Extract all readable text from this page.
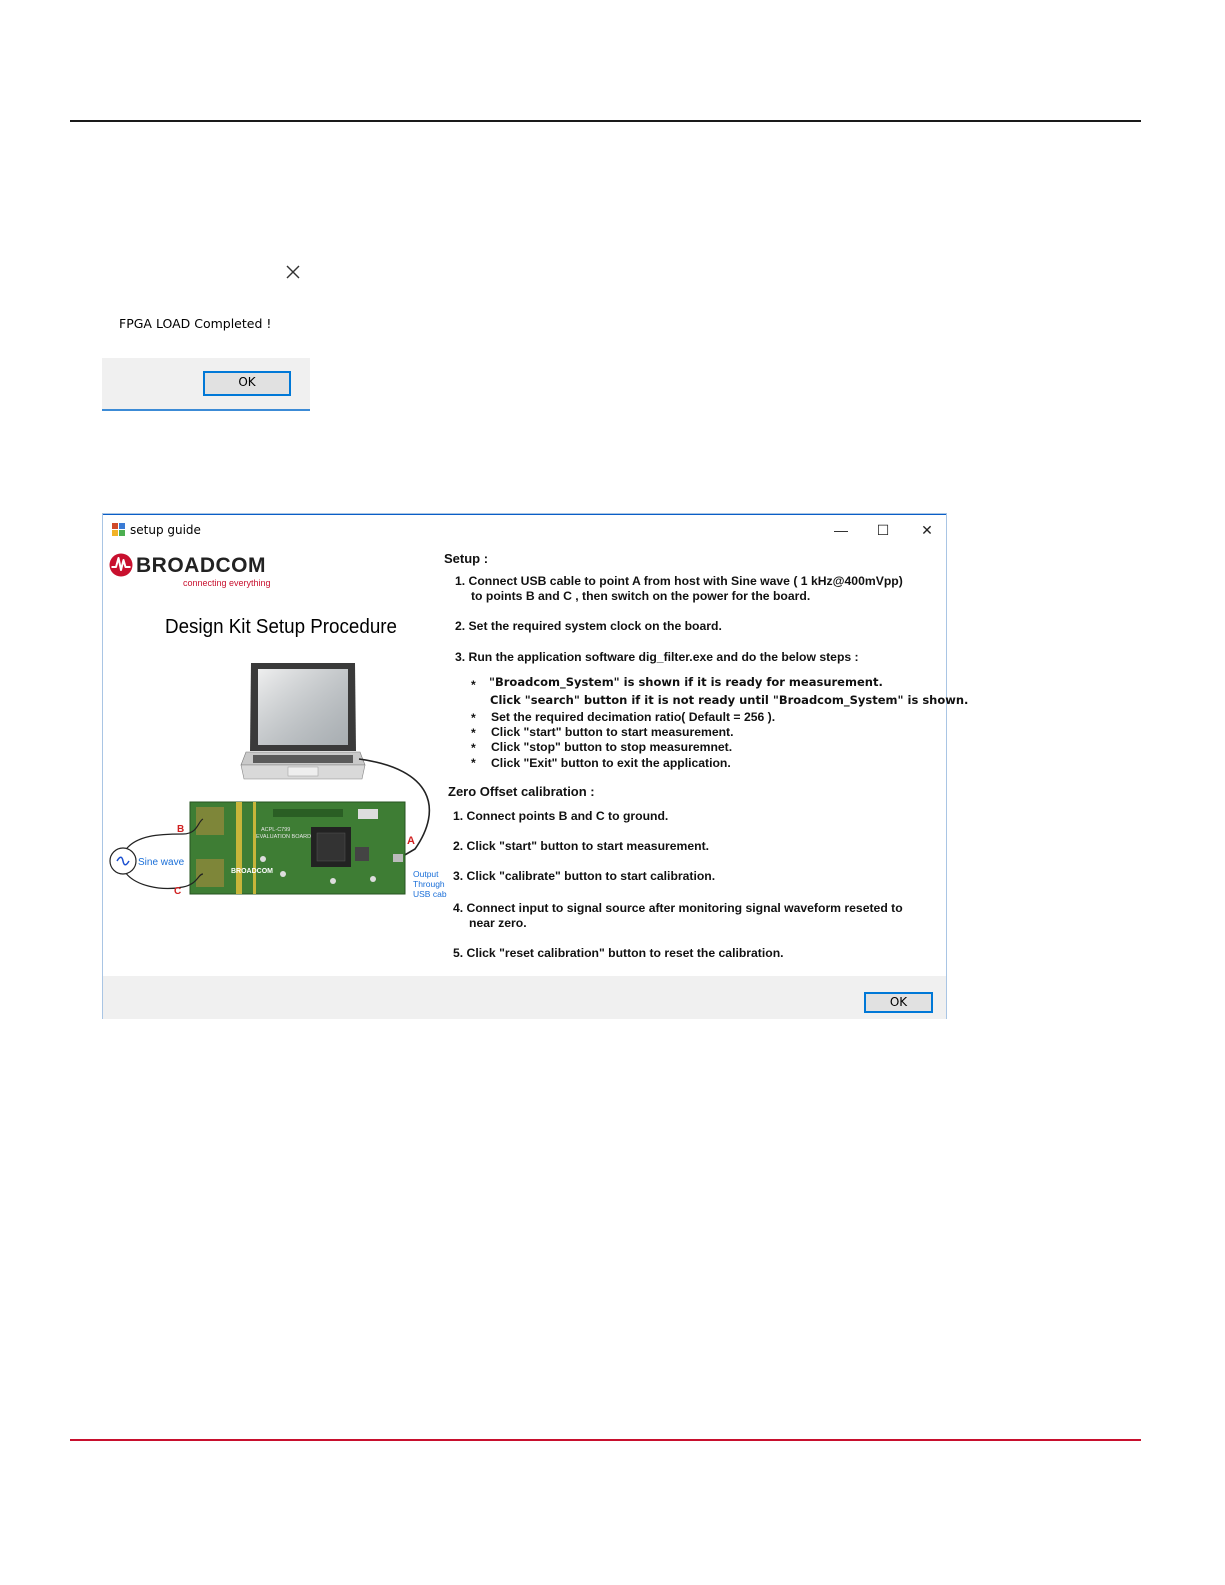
FPGA LOAD Completed !
OK
setup guide	—	☐	✕
BROADCOM
connecting everything
Design Kit Setup Procedure
ACPL-C799
EVALUATION BOARD
BROADCOM
Sine wave
B
C
A
Output
Through
USB cab
Setup :
1. Connect USB cable to point A from host with Sine wave ( 1 kHz@400mVpp)
to points B and C , then switch on the power for the board.
2. Set the required system clock on the board.
3. Run the application software dig_filter.exe and do the below steps :
* "Broadcom_System" is shown if it is ready for measurement.
Click "search" button if it is not ready until "Broadcom_System" is shown.
* Set the required decimation ratio( Default = 256 ).
* Click "start" button to start measurement.
* Click "stop" button to stop measuremnet.
* Click "Exit" button to exit the application.
Zero Offset calibration :
1. Connect points B and C to ground.
2. Click "start" button to start measurement.
3. Click "calibrate" button to start calibration.
4. Connect input to signal source after monitoring signal waveform reseted to
near zero.
5. Click "reset calibration" button to reset the calibration.
OK
